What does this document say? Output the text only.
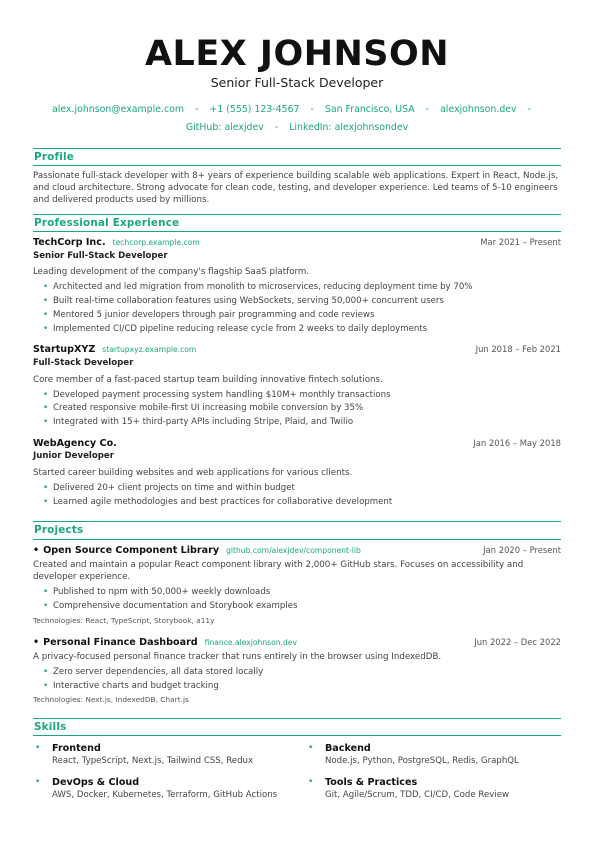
ALEX JOHNSON
Senior Full-Stack Developer
alex.johnson@example.com - +1 (555) 123-4567 - San Francisco, USA - alexjohnson.dev -
GitHub: alexjdev - LinkedIn: alexjohnsondev
Profile
Passionate full-stack developer with 8+ years of experience building scalable web applications. Expert in React, Node.js, and cloud architecture. Strong advocate for clean code, testing, and developer experience. Led teams of 5-10 engineers and delivered products used by millions.
Professional Experience
TechCorp Inc. techcorp.example.com	Mar 2021 – Present
Senior Full-Stack Developer
Leading development of the company's flagship SaaS platform.
• Architected and led migration from monolith to microservices, reducing deployment time by 70%
• Built real-time collaboration features using WebSockets, serving 50,000+ concurrent users
• Mentored 5 junior developers through pair programming and code reviews
• Implemented CI/CD pipeline reducing release cycle from 2 weeks to daily deployments
StartupXYZ startupxyz.example.com	Jun 2018 – Feb 2021
Full-Stack Developer
Core member of a fast-paced startup team building innovative fintech solutions.
• Developed payment processing system handling $10M+ monthly transactions
• Created responsive mobile-first UI increasing mobile conversion by 35%
• Integrated with 15+ third-party APIs including Stripe, Plaid, and Twilio
WebAgency Co.	Jan 2016 – May 2018
Junior Developer
Started career building websites and web applications for various clients.
• Delivered 20+ client projects on time and within budget
• Learned agile methodologies and best practices for collaborative development
Projects
• Open Source Component Library github.com/alexjdev/component-lib	Jan 2020 – Present
Created and maintain a popular React component library with 2,000+ GitHub stars. Focuses on accessibility and developer experience.
• Published to npm with 50,000+ weekly downloads
• Comprehensive documentation and Storybook examples
Technologies: React, TypeScript, Storybook, a11y
• Personal Finance Dashboard finance.alexjohnson.dev	Jun 2022 – Dec 2022
A privacy-focused personal finance tracker that runs entirely in the browser using IndexedDB.
• Zero server dependencies, all data stored locally
• Interactive charts and budget tracking
Technologies: Next.js, IndexedDB, Chart.js
Skills
•	Frontend
React, TypeScript, Next.js, Tailwind CSS, Redux
•	Backend
Node.js, Python, PostgreSQL, Redis, GraphQL
•	DevOps & Cloud
AWS, Docker, Kubernetes, Terraform, GitHub Actions
•	Tools & Practices
Git, Agile/Scrum, TDD, CI/CD, Code Review
